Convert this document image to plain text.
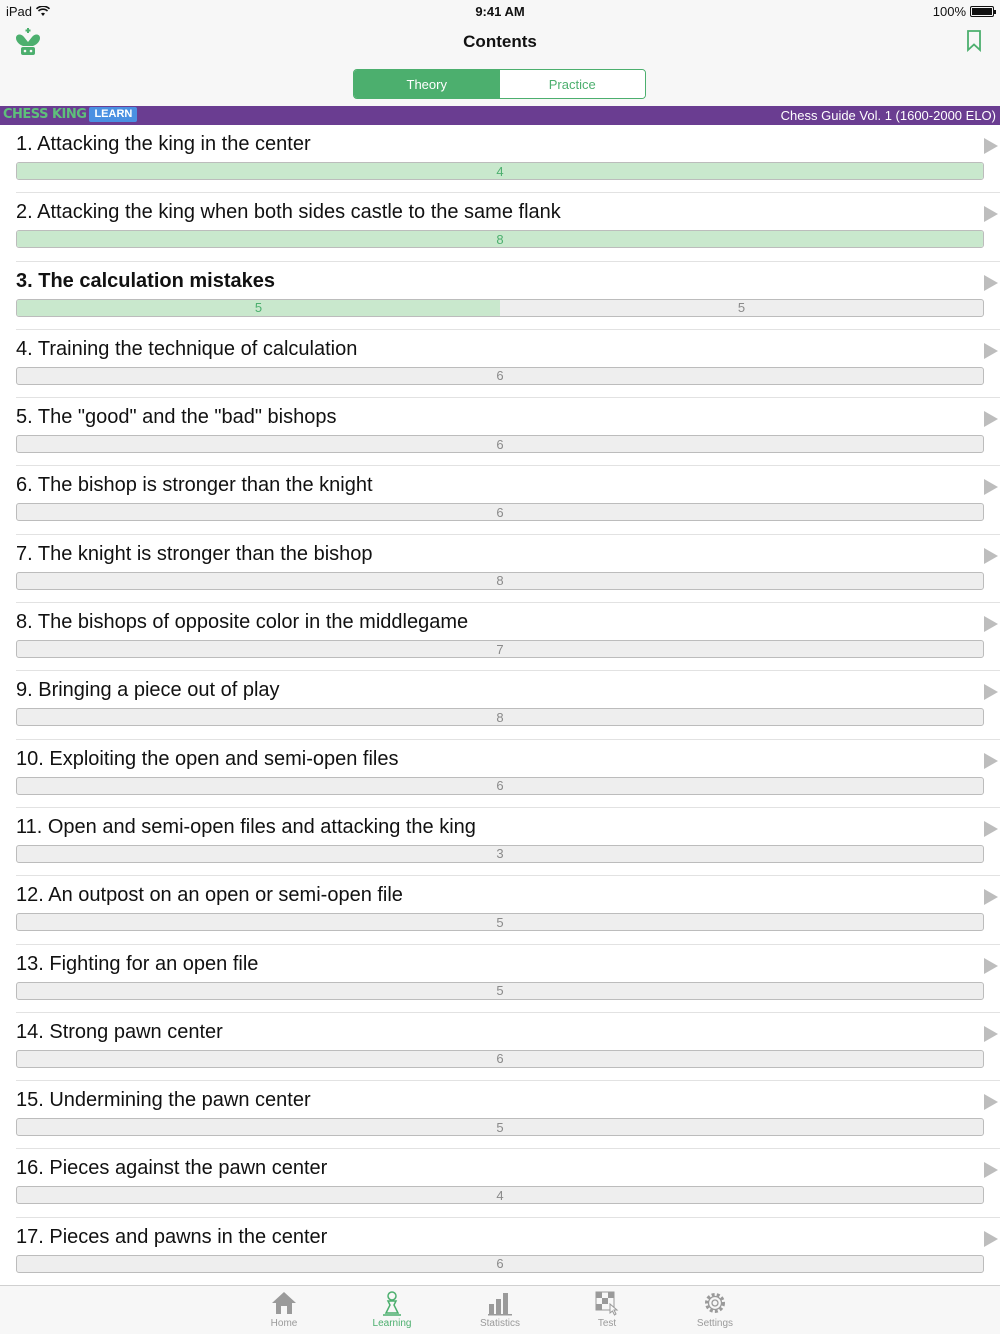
iPad	9:41 AM	100%
Contents
Theory	Practice
CHESS KING LEARN	Chess Guide Vol. 1 (1600-2000 ELO)
1. Attacking the king in the center
4
2. Attacking the king when both sides castle to the same flank
8
3. The calculation mistakes
5	5
4. Training the technique of calculation
6
5. The "good" and the "bad" bishops
6
6. The bishop is stronger than the knight
6
7. The knight is stronger than the bishop
8
8. The bishops of opposite color in the middlegame
7
9. Bringing a piece out of play
8
10. Exploiting the open and semi-open files
6
11. Open and semi-open files and attacking the king
3
12. An outpost on an open or semi-open file
5
13. Fighting for an open file
5
14. Strong pawn center
6
15. Undermining the pawn center
5
16. Pieces against the pawn center
4
17. Pieces and pawns in the center
6
Home	Learning	Statistics	Test	Settings
